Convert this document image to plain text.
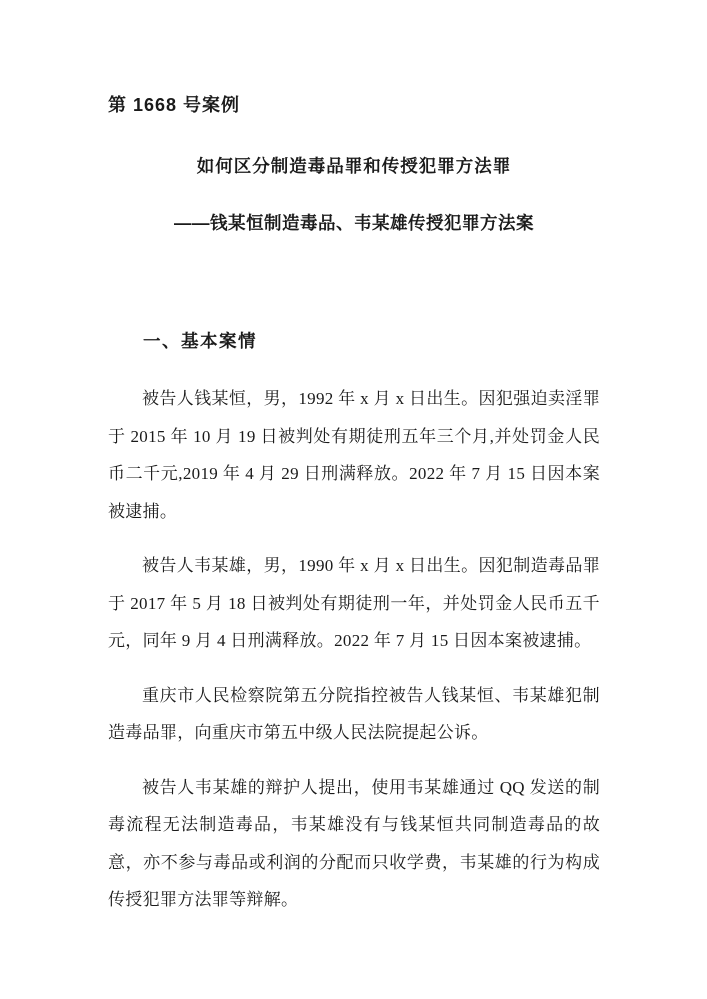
第 1668 号案例
如何区分制造毒品罪和传授犯罪方法罪
——钱某恒制造毒品、韦某雄传授犯罪方法案
一、基本案情

被告人钱某恒，男，1992 年 x 月 x 日出生。因犯强迫卖淫罪于 2015 年 10 月 19 日被判处有期徒刑五年三个月,并处罚金人民币二千元,2019 年 4 月 29 日刑满释放。2022 年 7 月 15 日因本案被逮捕。

被告人韦某雄，男，1990 年 x 月 x 日出生。因犯制造毒品罪于 2017 年 5 月 18 日被判处有期徒刑一年，并处罚金人民币五千元，同年 9 月 4 日刑满释放。2022 年 7 月 15 日因本案被逮捕。

重庆市人民检察院第五分院指控被告人钱某恒、韦某雄犯制造毒品罪，向重庆市第五中级人民法院提起公诉。

被告人韦某雄的辩护人提出，使用韦某雄通过 QQ 发送的制毒流程无法制造毒品，韦某雄没有与钱某恒共同制造毒品的故意，亦不参与毒品或利润的分配而只收学费，韦某雄的行为构成传授犯罪方法罪等辩解。
